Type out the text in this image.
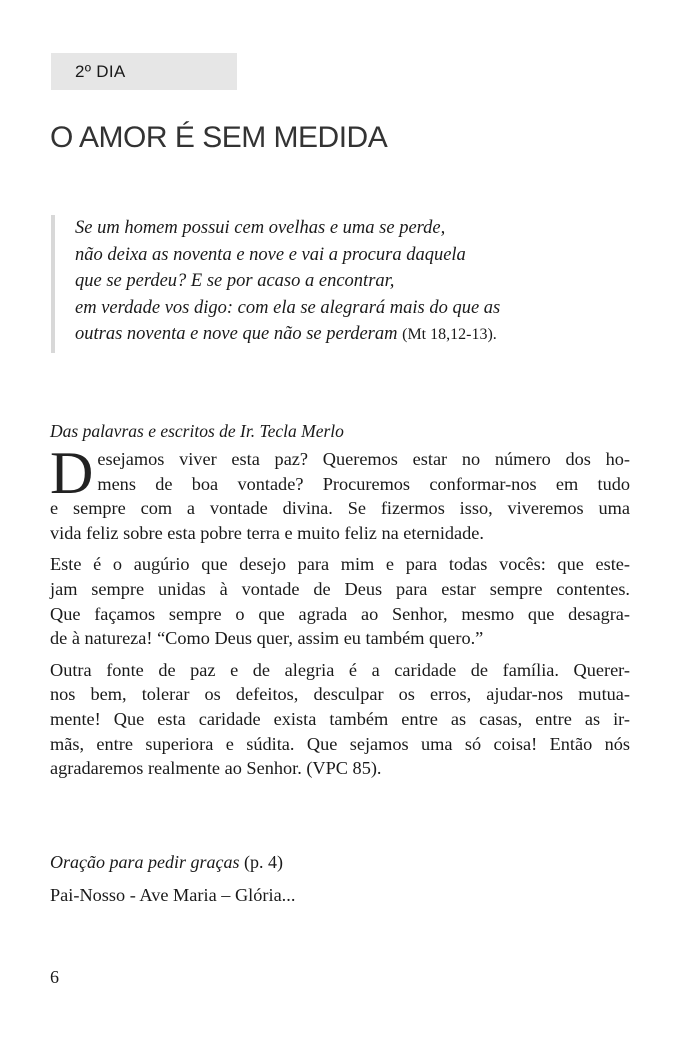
2º DIA
O AMOR É SEM MEDIDA
Se um homem possui cem ovelhas e uma se perde,
não deixa as noventa e nove e vai a procura daquela
que se perdeu? E se por acaso a encontrar,
em verdade vos digo: com ela se alegrará mais do que as
outras noventa e nove que não se perderam (Mt 18,12-13).
Das palavras e escritos de Ir. Tecla Merlo

D esejamos viver esta paz? Queremos estar no número dos ho-
mens de boa vontade? Procuremos conformar-nos em tudo
e sempre com a vontade divina. Se fizermos isso, viveremos uma
vida feliz sobre esta pobre terra e muito feliz na eternidade.

Este é o augúrio que desejo para mim e para todas vocês: que este-
jam sempre unidas à vontade de Deus para estar sempre contentes.
Que façamos sempre o que agrada ao Senhor, mesmo que desagra-
de à natureza! “Como Deus quer, assim eu também quero.”

Outra fonte de paz e de alegria é a caridade de família. Querer-
nos bem, tolerar os defeitos, desculpar os erros, ajudar-nos mutua-
mente! Que esta caridade exista também entre as casas, entre as ir-
mãs, entre superiora e súdita. Que sejamos uma só coisa! Então nós
agradaremos realmente ao Senhor. (VPC 85).

Oração para pedir graças (p. 4)
Pai-Nosso - Ave Maria – Glória...
6
